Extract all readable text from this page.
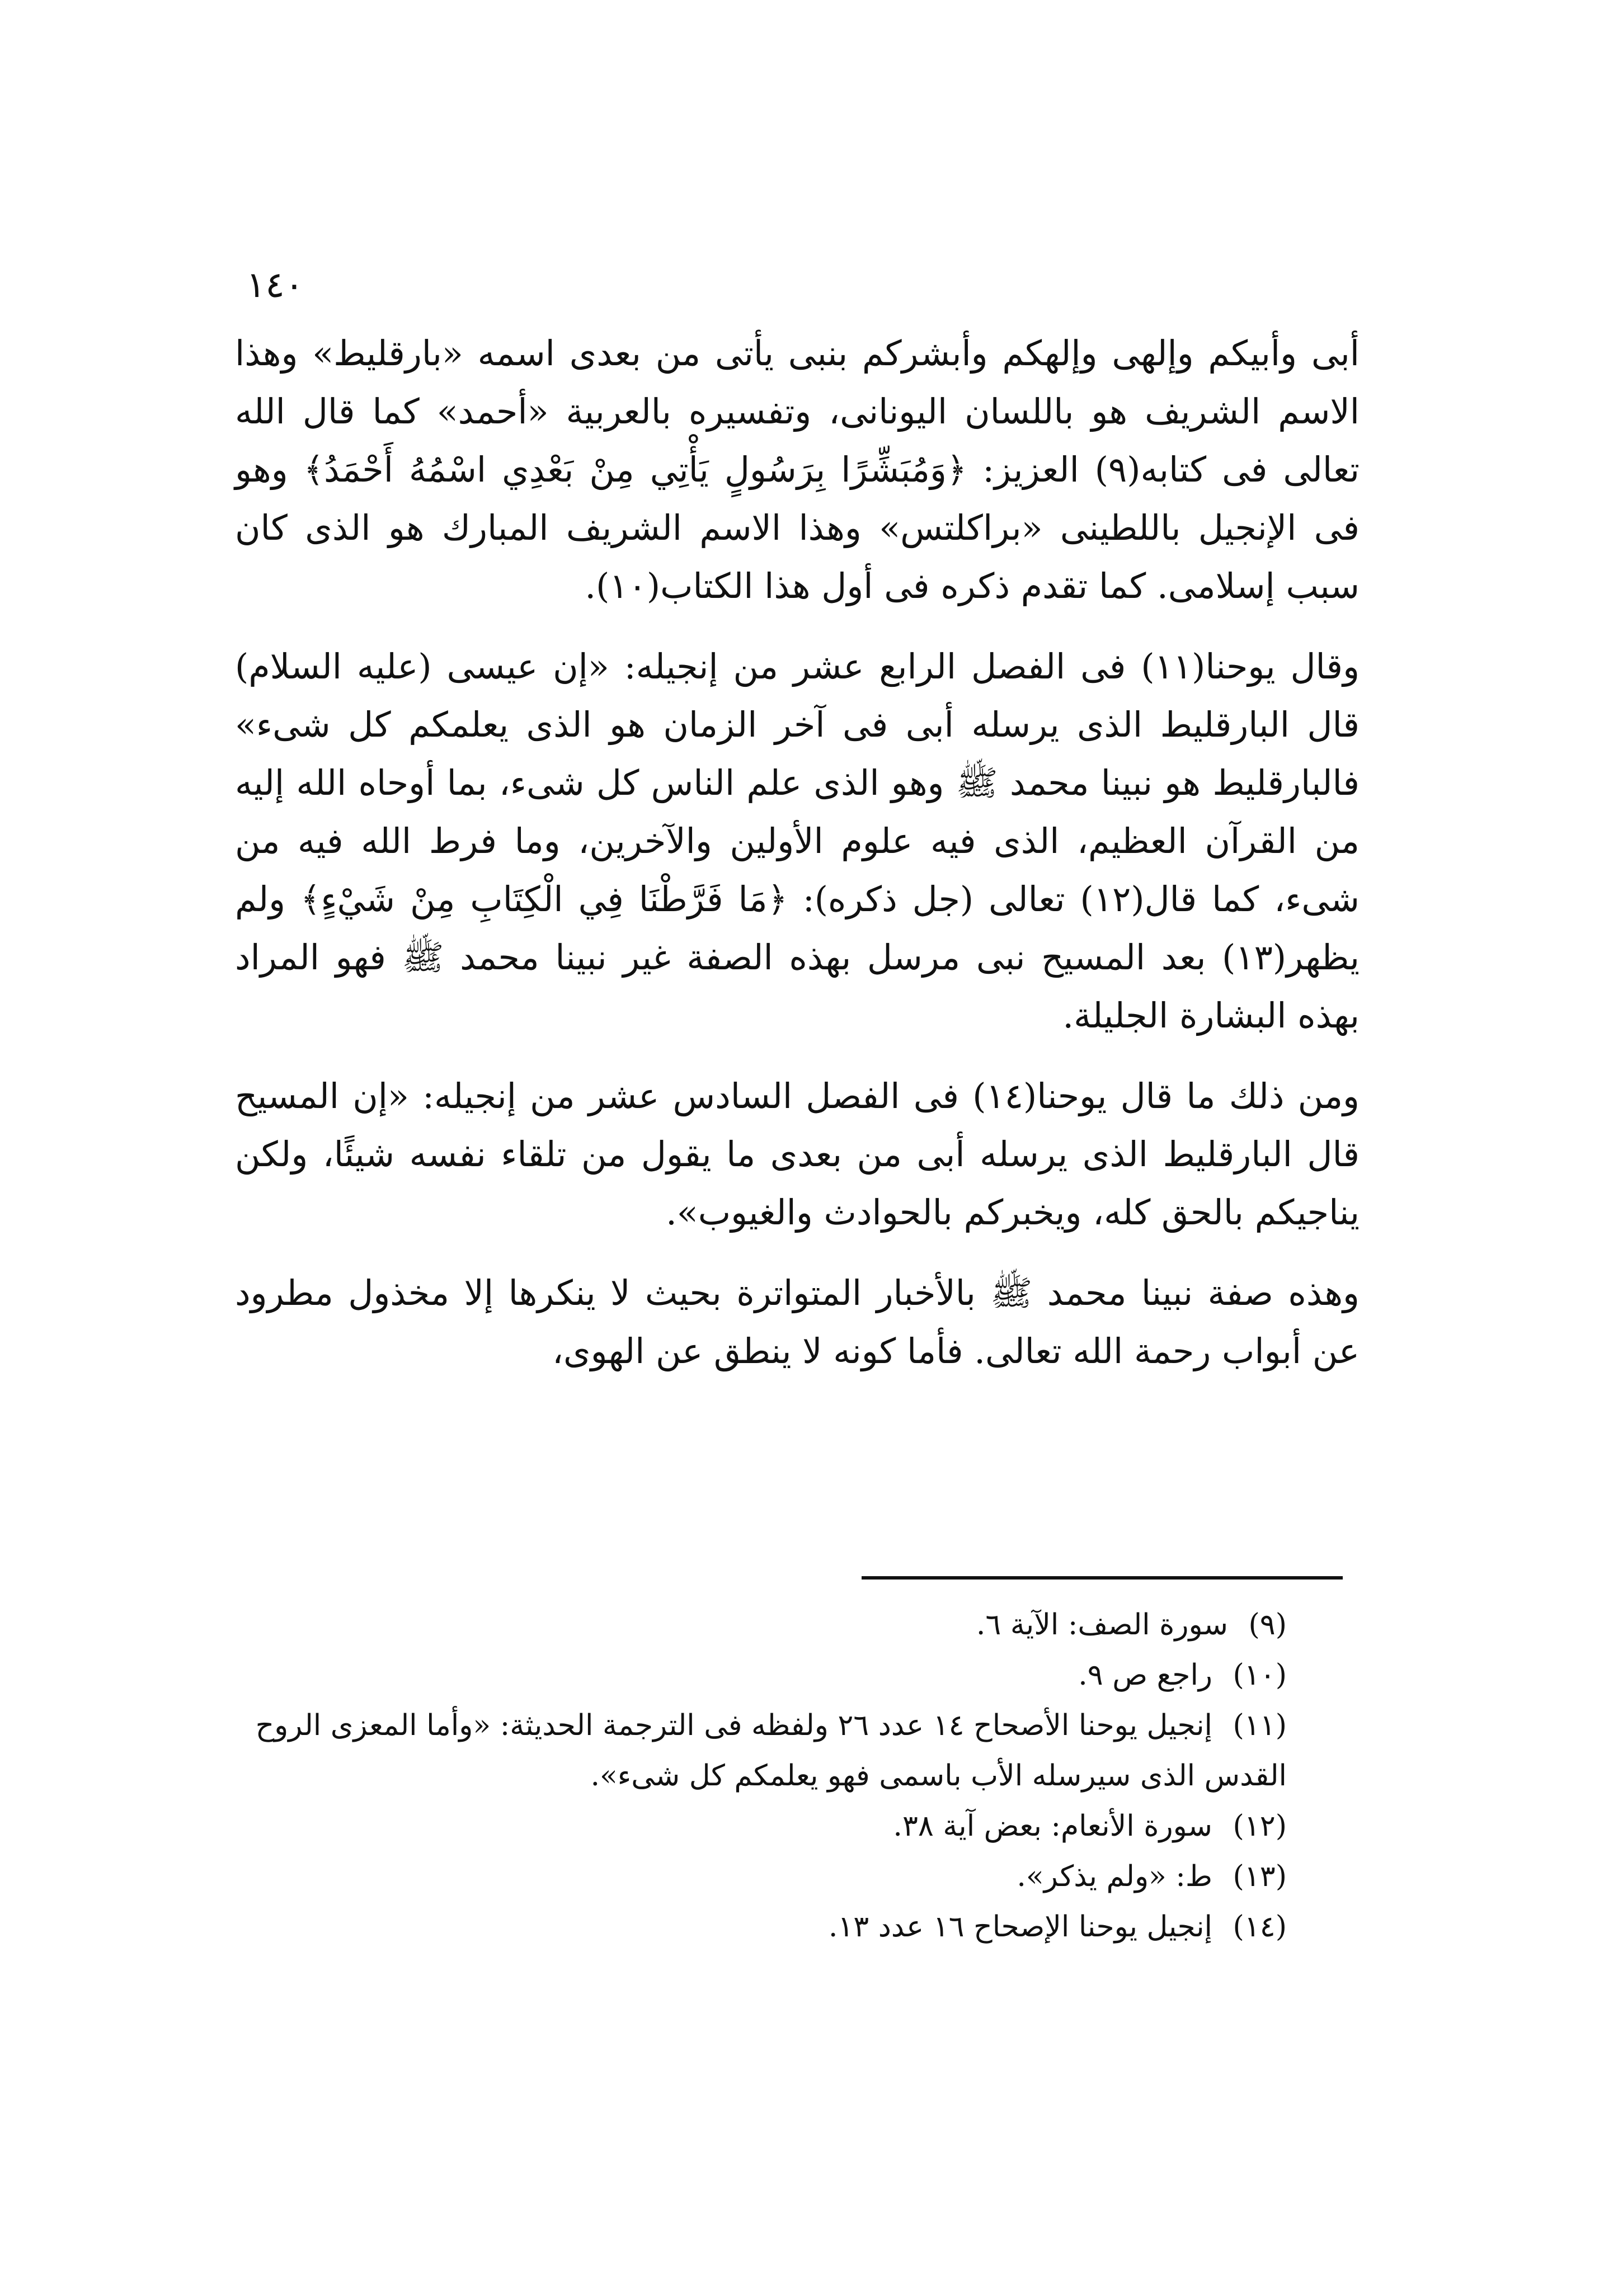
١٤٠

أبى وأبيكم وإلهى وإلهكم وأبشركم بنبى يأتى من بعدى اسمه «بارقليط» وهذا الاسم الشريف هو باللسان اليونانى، وتفسيره بالعربية «أحمد» كما قال الله تعالى فى كتابه(٩) العزيز: ﴿وَمُبَشِّرًا بِرَسُولٍ يَأْتِي مِنْ بَعْدِي اسْمُهُ أَحْمَدُ﴾ وهو فى الإنجيل باللطينى «براكلتس» وهذا الاسم الشريف المبارك هو الذى كان سبب إسلامى. كما تقدم ذكره فى أول هذا الكتاب(١٠).

وقال يوحنا(١١) فى الفصل الرابع عشر من إنجيله: «إن عيسى (عليه السلام) قال البارقليط الذى يرسله أبى فى آخر الزمان هو الذى يعلمكم كل شىء» فالبارقليط هو نبينا محمد ﷺ وهو الذى علم الناس كل شىء، بما أوحاه الله إليه من القرآن العظيم، الذى فيه علوم الأولين والآخرين، وما فرط الله فيه من شىء، كما قال(١٢) تعالى (جل ذكره): ﴿مَا فَرَّطْنَا فِي الْكِتَابِ مِنْ شَيْءٍ﴾ ولم يظهر(١٣) بعد المسيح نبى مرسل بهذه الصفة غير نبينا محمد ﷺ فهو المراد بهذه البشارة الجليلة.

ومن ذلك ما قال يوحنا(١٤) فى الفصل السادس عشر من إنجيله: «إن المسيح قال البارقليط الذى يرسله أبى من بعدى ما يقول من تلقاء نفسه شيئًا، ولكن يناجيكم بالحق كله، ويخبركم بالحوادث والغيوب».

وهذه صفة نبينا محمد ﷺ بالأخبار المتواترة بحيث لا ينكرها إلا مخذول مطرود عن أبواب رحمة الله تعالى. فأما كونه لا ينطق عن الهوى،

(٩) سورة الصف: الآية ٦.

(١٠) راجع ص ٩.

(١١) إنجيل يوحنا الأصحاح ١٤ عدد ٢٦ ولفظه فى الترجمة الحديثة: «وأما المعزى الروح القدس الذى سيرسله الأب باسمى فهو يعلمكم كل شىء».

(١٢) سورة الأنعام: بعض آية ٣٨.

(١٣) ط: «ولم يذكر».

(١٤) إنجيل يوحنا الإصحاح ١٦ عدد ١٣.
